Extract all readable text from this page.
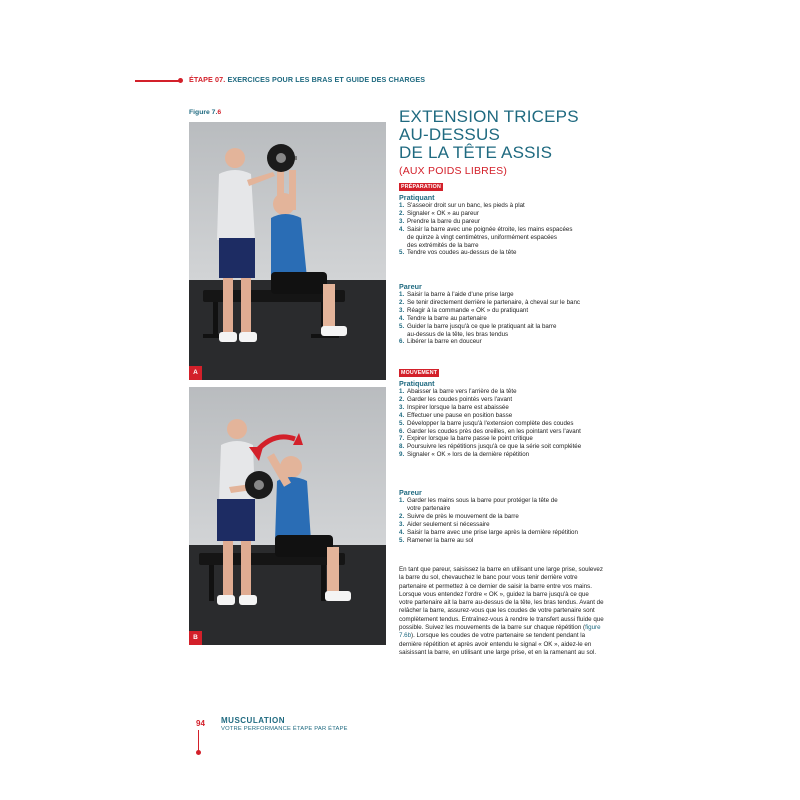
ÉTAPE 07. EXERCICES POUR LES BRAS ET GUIDE DES CHARGES
Figure 7.6
A
B
EXTENSION TRICEPS
AU-DESSUS
DE LA TÊTE ASSIS
(AUX POIDS LIBRES)
PRÉPARATION
Pratiquant
1. S'asseoir droit sur un banc, les pieds à plat
2. Signaler « OK » au pareur
3. Prendre la barre du pareur
4. Saisir la barre avec une poignée étroite, les mains espacées
de quinze à vingt centimètres, uniformément espacées
des extrémités de la barre
5. Tendre vos coudes au-dessus de la tête
Pareur
1. Saisir la barre à l'aide d'une prise large
2. Se tenir directement derrière le partenaire, à cheval sur le banc
3. Réagir à la commande « OK » du pratiquant
4. Tendre la barre au partenaire
5. Guider la barre jusqu'à ce que le pratiquant ait la barre
au-dessus de la tête, les bras tendus
6. Libérer la barre en douceur
MOUVEMENT
Pratiquant
1. Abaisser la barre vers l'arrière de la tête
2. Garder les coudes pointés vers l'avant
3. Inspirer lorsque la barre est abaissée
4. Effectuer une pause en position basse
5. Développer la barre jusqu'à l'extension complète des coudes
6. Garder les coudes près des oreilles, en les pointant vers l'avant
7. Expirer lorsque la barre passe le point critique
8. Poursuivre les répétitions jusqu'à ce que la série soit complétée
9. Signaler « OK » lors de la dernière répétition
Pareur
1. Garder les mains sous la barre pour protéger la tête de
votre partenaire
2. Suivre de près le mouvement de la barre
3. Aider seulement si nécessaire
4. Saisir la barre avec une prise large après la dernière répétition
5. Ramener la barre au sol

En tant que pareur, saisissez la barre en utilisant une large prise, soulevez la barre du sol, chevauchez le banc pour vous tenir derrière votre partenaire et permettez à ce dernier de saisir la barre entre vos mains. Lorsque vous entendez l'ordre « OK », guidez la barre jusqu'à ce que votre partenaire ait la barre au-dessus de la tête, les bras tendus. Avant de relâcher la barre, assurez-vous que les coudes de votre partenaire sont complètement tendus. Entraînez-vous à rendre le transfert aussi fluide que possible. Suivez les mouvements de la barre sur chaque répétition (figure 7.6b). Lorsque les coudes de votre partenaire se tendent pendant la dernière répétition et après avoir entendu le signal « OK », aidez-le en saisissant la barre, en utilisant une large prise, et en la ramenant au sol.

94 MUSCULATION
VOTRE PERFORMANCE ÉTAPE PAR ÉTAPE
